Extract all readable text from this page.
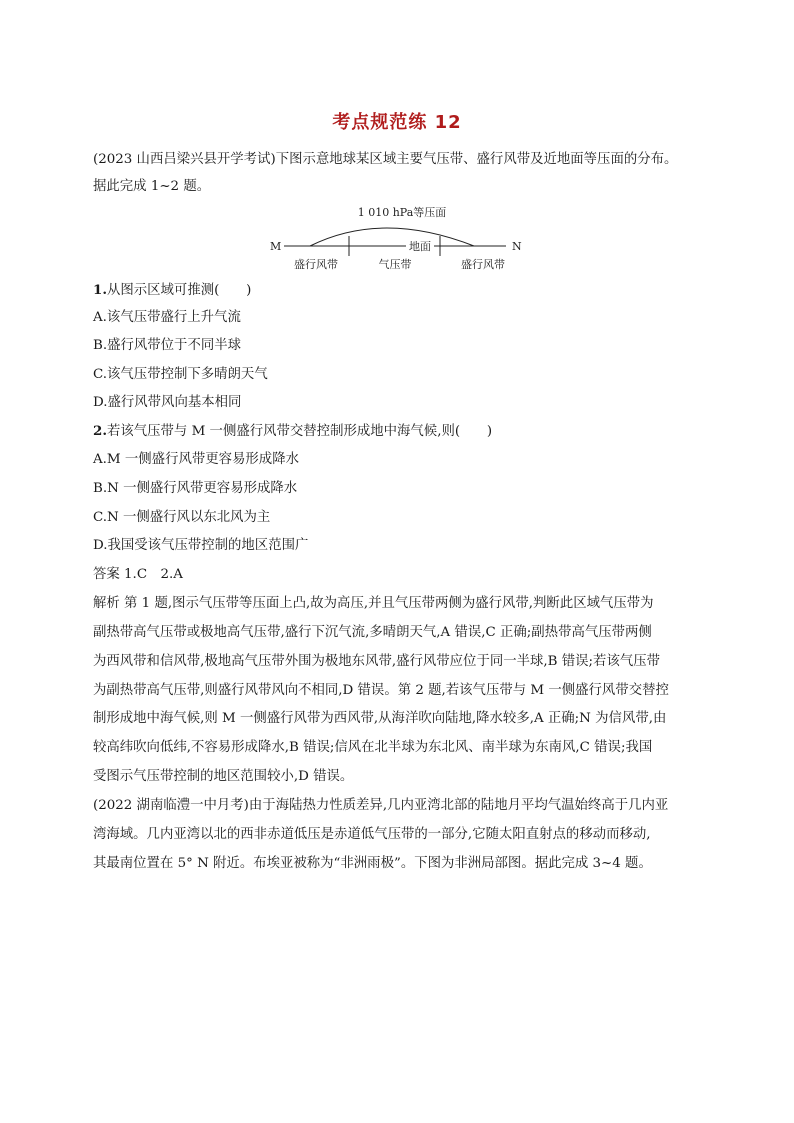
考点规范练 12
(2023 山西吕梁兴县开学考试)下图示意地球某区域主要气压带、盛行风带及近地面等压面的分布。
据此完成 1~2 题。
1 010 hPa等压面
M	N
地面
盛行风带	气压带	盛行风带
1.从图示区域可推测(　　)
A.该气压带盛行上升气流
B.盛行风带位于不同半球
C.该气压带控制下多晴朗天气
D.盛行风带风向基本相同
2.若该气压带与 M 一侧盛行风带交替控制形成地中海气候,则(　　)
A.M 一侧盛行风带更容易形成降水
B.N 一侧盛行风带更容易形成降水
C.N 一侧盛行风以东北风为主
D.我国受该气压带控制的地区范围广
答案 1.C　2.A
解析 第 1 题,图示气压带等压面上凸,故为高压,并且气压带两侧为盛行风带,判断此区域气压带为
副热带高气压带或极地高气压带,盛行下沉气流,多晴朗天气,A 错误,C 正确;副热带高气压带两侧
为西风带和信风带,极地高气压带外围为极地东风带,盛行风带应位于同一半球,B 错误;若该气压带
为副热带高气压带,则盛行风带风向不相同,D 错误。第 2 题,若该气压带与 M 一侧盛行风带交替控
制形成地中海气候,则 M 一侧盛行风带为西风带,从海洋吹向陆地,降水较多,A 正确;N 为信风带,由
较高纬吹向低纬,不容易形成降水,B 错误;信风在北半球为东北风、南半球为东南风,C 错误;我国
受图示气压带控制的地区范围较小,D 错误。
(2022 湖南临澧一中月考)由于海陆热力性质差异,几内亚湾北部的陆地月平均气温始终高于几内亚
湾海域。几内亚湾以北的西非赤道低压是赤道低气压带的一部分,它随太阳直射点的移动而移动,
其最南位置在 5° N 附近。布埃亚被称为“非洲雨极”。下图为非洲局部图。据此完成 3~4 题。
